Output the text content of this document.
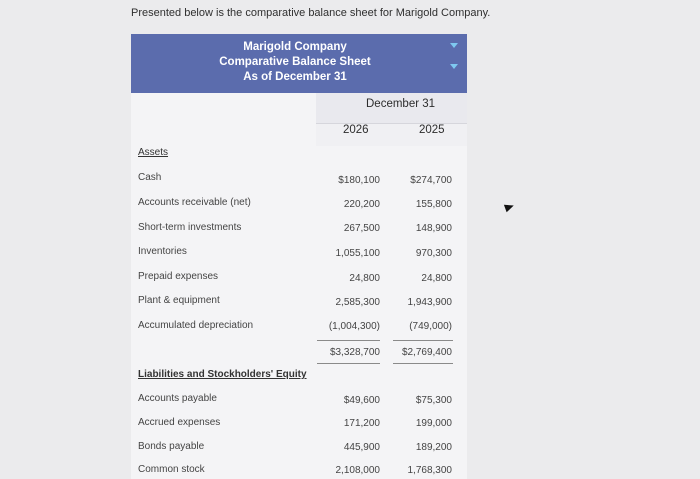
Presented below is the comparative balance sheet for Marigold Company.
Marigold Company
Comparative Balance Sheet
As of December 31
December 31
2026	2025
Assets
Cash	$180,100	$274,700
Accounts receivable (net)	220,200	155,800
Short-term investments	267,500	148,900
Inventories	1,055,100	970,300
Prepaid expenses	24,800	24,800
Plant & equipment	2,585,300	1,943,900
Accumulated depreciation	(1,004,300)	(749,000)
$3,328,700 $2,769,400
Liabilities and Stockholders' Equity
Accounts payable	$49,600	$75,300
Accrued expenses	171,200	199,000
Bonds payable	445,900	189,200
Common stock	2,108,000	1,768,300
